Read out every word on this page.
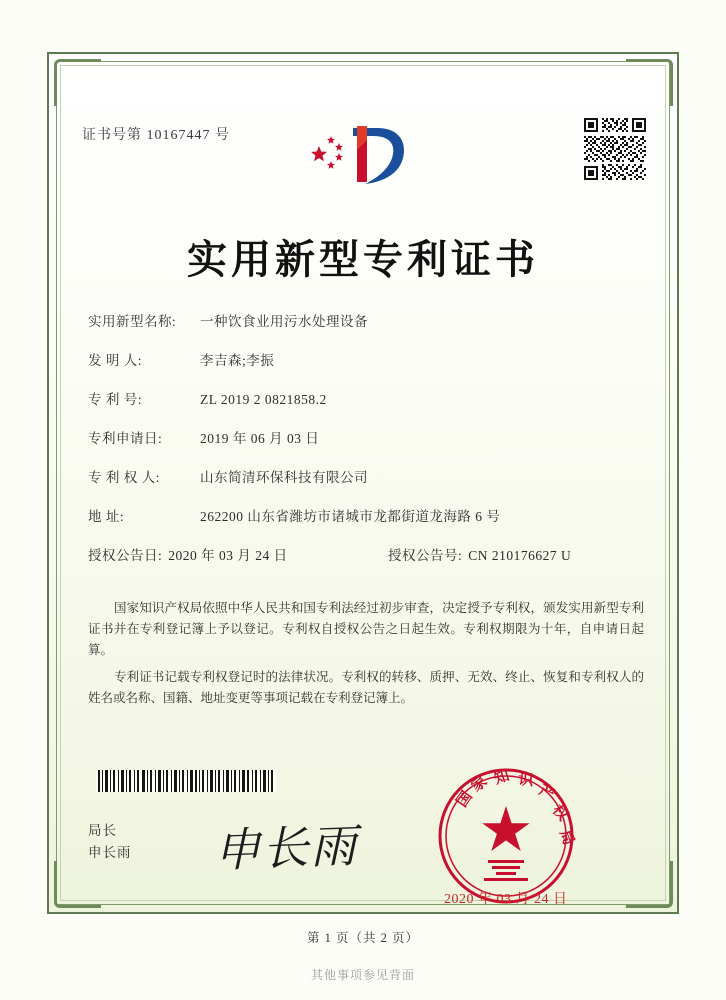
证书号第 10167447 号
实用新型专利证书
实用新型名称:	一种饮食业用污水处理设备
发 明 人:	李吉森;李振
专 利 号:	ZL 2019 2 0821858.2
专利申请日:	2019 年 06 月 03 日
专 利 权 人:	山东简清环保科技有限公司
地 址:	262200 山东省潍坊市诸城市龙都街道龙海路 6 号
授权公告日: 2020 年 03 月 24 日	授权公告号: CN 210176627 U

国家知识产权局依照中华人民共和国专利法经过初步审查，决定授予专利权，颁发实用新型专利证书并在专利登记簿上予以登记。专利权自授权公告之日起生效。专利权期限为十年，自申请日起算。

专利证书记载专利权登记时的法律状况。专利权的转移、质押、无效、终止、恢复和专利权人的姓名或名称、国籍、地址变更等事项记载在专利登记簿上。

局长
申长雨 申长雨
国
家 知 识
产
权
局
2020 年 03 月 24 日
第 1 页（共 2 页）
其他事项参见背面
